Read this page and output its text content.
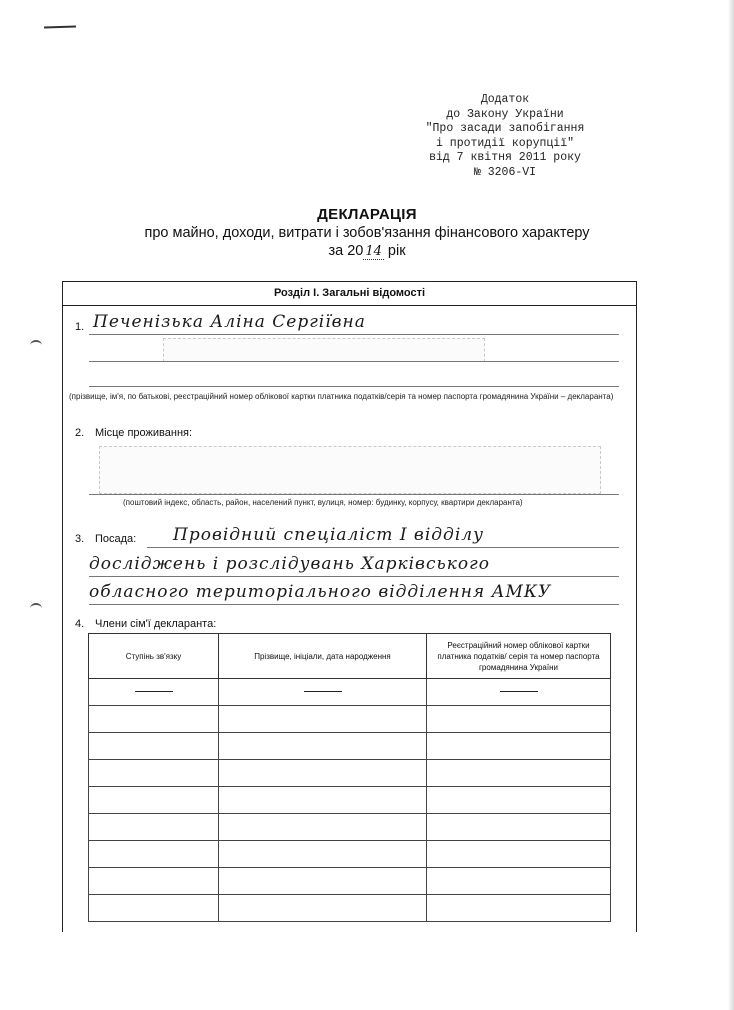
Додаток
до Закону України
"Про засади запобігання
і протидії корупції"
від 7 квітня 2011 року
№ 3206-VI
ДЕКЛАРАЦІЯ
про майно, доходи, витрати і зобов'язання фінансового характеру
за 20 14 рік
Розділ І. Загальні відомості
1. Печенізька Аліна Сергіївна
(прізвище, ім'я, по батькові, реєстраційний номер облікової картки платника податків/серія та номер паспорта громадянина України – декларанта)
2. Місце проживання:
(поштовий індекс, область, район, населений пункт, вулиця, номер: будинку, корпусу, квартири декларанта)
3. Посада: Провідний спеціаліст І відділу
досліджень і розслідувань Харківського
обласного територіального відділення АМКУ
4. Члени сім'ї декларанта:
Ступінь зв'язку	Прізвище, ініціали, дата народження	Реєстраційний номер облікової картки платника податків/ серія та номер паспорта громадянина України
